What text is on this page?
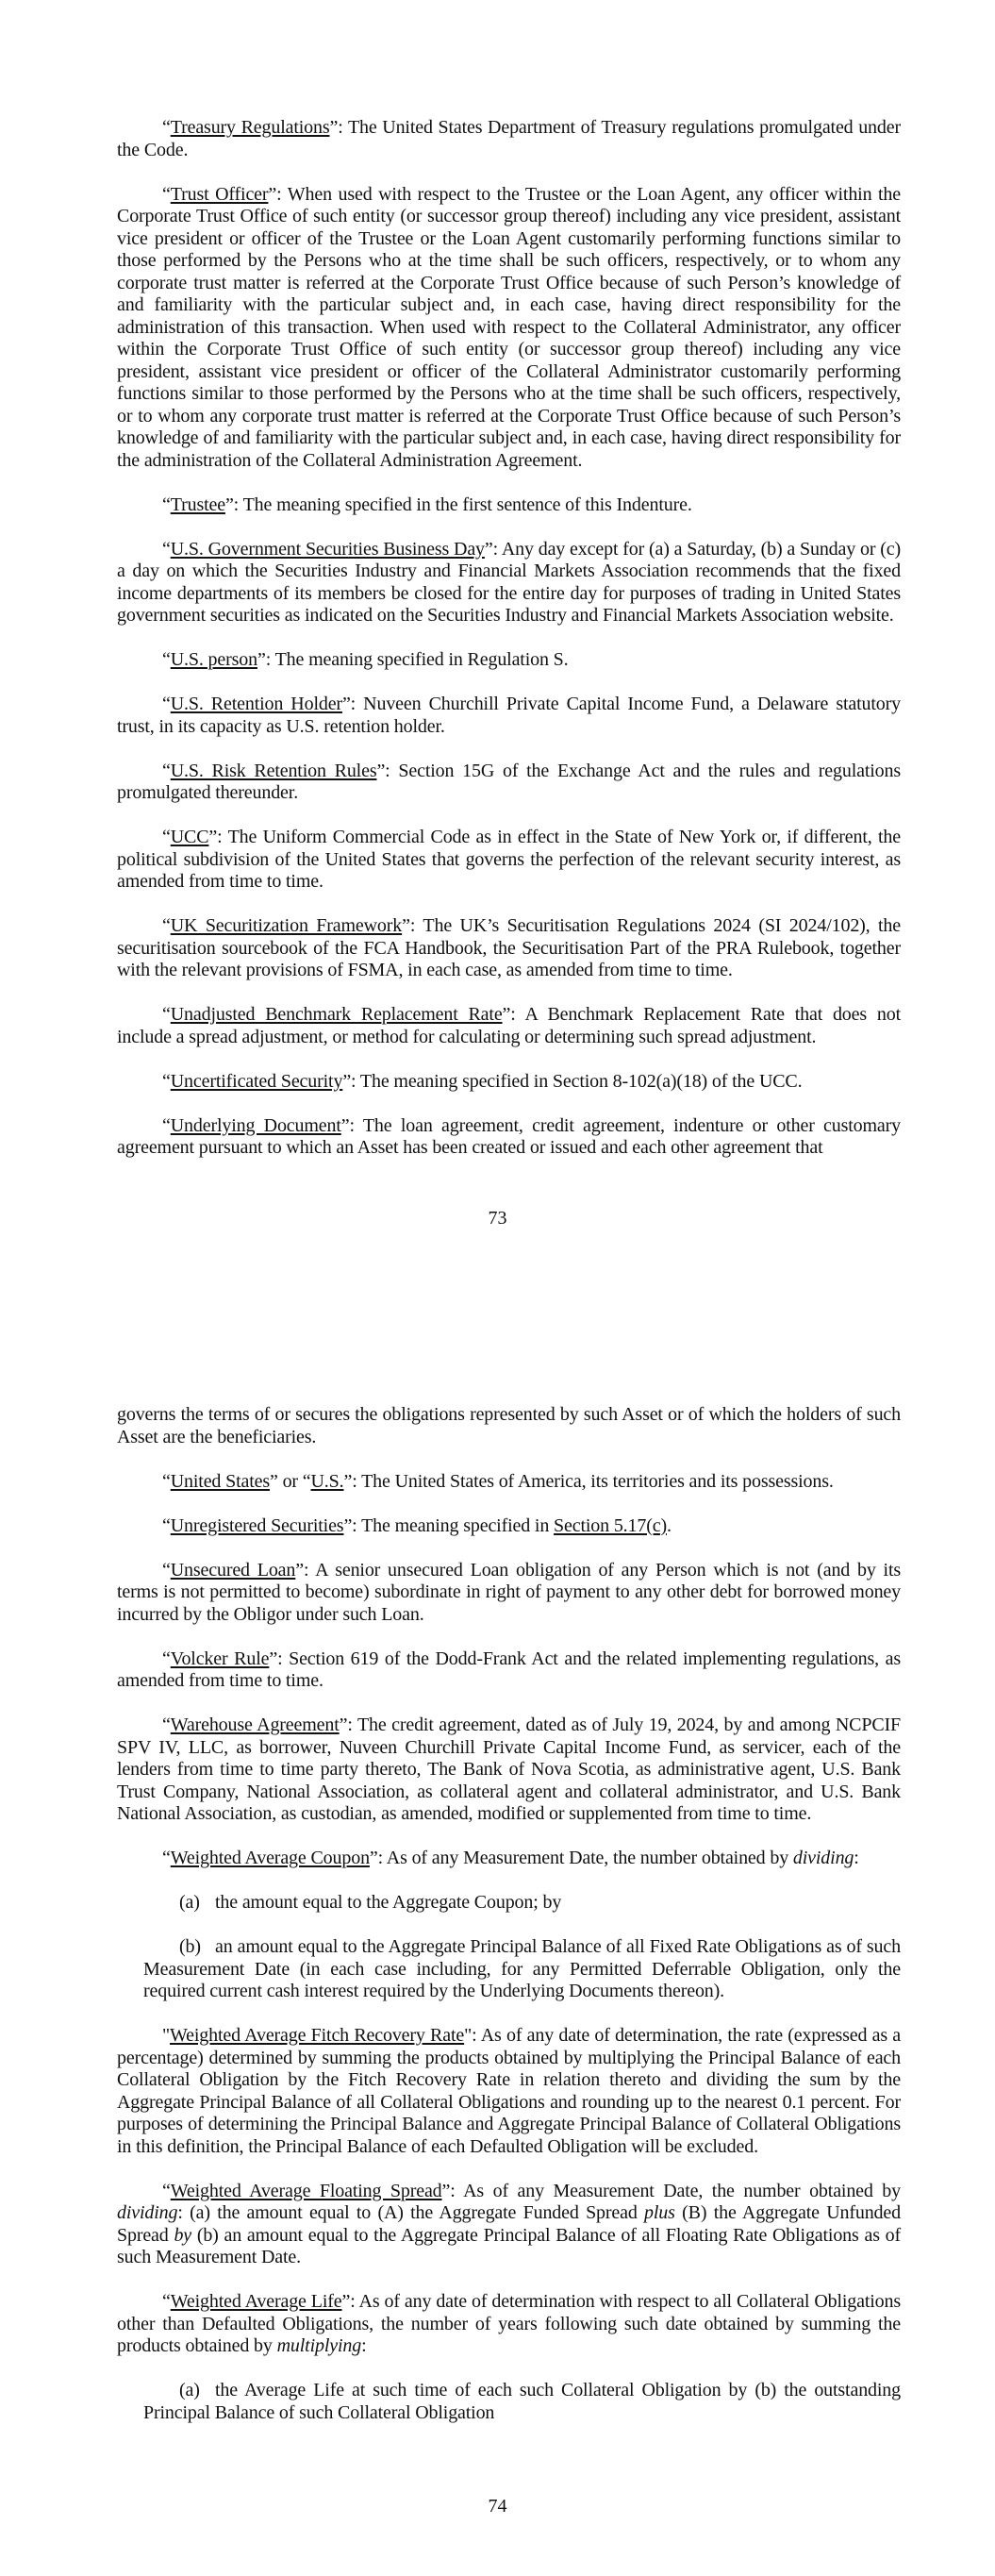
“Treasury Regulations”: The United States Department of Treasury regulations promulgated under the Code.

“Trust Officer”: When used with respect to the Trustee or the Loan Agent, any officer within the Corporate Trust Office of such entity (or successor group thereof) including any vice president, assistant vice president or officer of the Trustee or the Loan Agent customarily performing functions similar to those performed by the Persons who at the time shall be such officers, respectively, or to whom any corporate trust matter is referred at the Corporate Trust Office because of such Person’s knowledge of and familiarity with the particular subject and, in each case, having direct responsibility for the administration of this transaction. When used with respect to the Collateral Administrator, any officer within the Corporate Trust Office of such entity (or successor group thereof) including any vice president, assistant vice president or officer of the Collateral Administrator customarily performing functions similar to those performed by the Persons who at the time shall be such officers, respectively, or to whom any corporate trust matter is referred at the Corporate Trust Office because of such Person’s knowledge of and familiarity with the particular subject and, in each case, having direct responsibility for the administration of the Collateral Administration Agreement.

“Trustee”: The meaning specified in the first sentence of this Indenture.

“U.S. Government Securities Business Day”: Any day except for (a) a Saturday, (b) a Sunday or (c) a day on which the Securities Industry and Financial Markets Association recommends that the fixed income departments of its members be closed for the entire day for purposes of trading in United States government securities as indicated on the Securities Industry and Financial Markets Association website.

“U.S. person”: The meaning specified in Regulation S.

“U.S. Retention Holder”: Nuveen Churchill Private Capital Income Fund, a Delaware statutory trust, in its capacity as U.S. retention holder.

“U.S. Risk Retention Rules”: Section 15G of the Exchange Act and the rules and regulations promulgated thereunder.

“UCC”: The Uniform Commercial Code as in effect in the State of New York or, if different, the political subdivision of the United States that governs the perfection of the relevant security interest, as amended from time to time.

“UK Securitization Framework”: The UK’s Securitisation Regulations 2024 (SI 2024/102), the securitisation sourcebook of the FCA Handbook, the Securitisation Part of the PRA Rulebook, together with the relevant provisions of FSMA, in each case, as amended from time to time.

“Unadjusted Benchmark Replacement Rate”: A Benchmark Replacement Rate that does not include a spread adjustment, or method for calculating or determining such spread adjustment.

“Uncertificated Security”: The meaning specified in Section 8-102(a)(18) of the UCC.

“Underlying Document”: The loan agreement, credit agreement, indenture or other customary agreement pursuant to which an Asset has been created or issued and each other agreement that

73

governs the terms of or secures the obligations represented by such Asset or of which the holders of such Asset are the beneficiaries.

“United States” or “U.S.”: The United States of America, its territories and its possessions.

“Unregistered Securities”: The meaning specified in Section 5.17(c).

“Unsecured Loan”: A senior unsecured Loan obligation of any Person which is not (and by its terms is not permitted to become) subordinate in right of payment to any other debt for borrowed money incurred by the Obligor under such Loan.

“Volcker Rule”: Section 619 of the Dodd-Frank Act and the related implementing regulations, as amended from time to time.

“Warehouse Agreement”: The credit agreement, dated as of July 19, 2024, by and among NCPCIF SPV IV, LLC, as borrower, Nuveen Churchill Private Capital Income Fund, as servicer, each of the lenders from time to time party thereto, The Bank of Nova Scotia, as administrative agent, U.S. Bank Trust Company, National Association, as collateral agent and collateral administrator, and U.S. Bank National Association, as custodian, as amended, modified or supplemented from time to time.

“Weighted Average Coupon”: As of any Measurement Date, the number obtained by dividing:

(a) the amount equal to the Aggregate Coupon; by

(b) an amount equal to the Aggregate Principal Balance of all Fixed Rate Obligations as of such Measurement Date (in each case including, for any Permitted Deferrable Obligation, only the required current cash interest required by the Underlying Documents thereon).

"Weighted Average Fitch Recovery Rate": As of any date of determination, the rate (expressed as a percentage) determined by summing the products obtained by multiplying the Principal Balance of each Collateral Obligation by the Fitch Recovery Rate in relation thereto and dividing the sum by the Aggregate Principal Balance of all Collateral Obligations and rounding up to the nearest 0.1 percent. For purposes of determining the Principal Balance and Aggregate Principal Balance of Collateral Obligations in this definition, the Principal Balance of each Defaulted Obligation will be excluded.

“Weighted Average Floating Spread”: As of any Measurement Date, the number obtained by dividing: (a) the amount equal to (A) the Aggregate Funded Spread plus (B) the Aggregate Unfunded Spread by (b) an amount equal to the Aggregate Principal Balance of all Floating Rate Obligations as of such Measurement Date.

“Weighted Average Life”: As of any date of determination with respect to all Collateral Obligations other than Defaulted Obligations, the number of years following such date obtained by summing the products obtained by multiplying:

(a) the Average Life at such time of each such Collateral Obligation by (b) the outstanding Principal Balance of such Collateral Obligation

74
